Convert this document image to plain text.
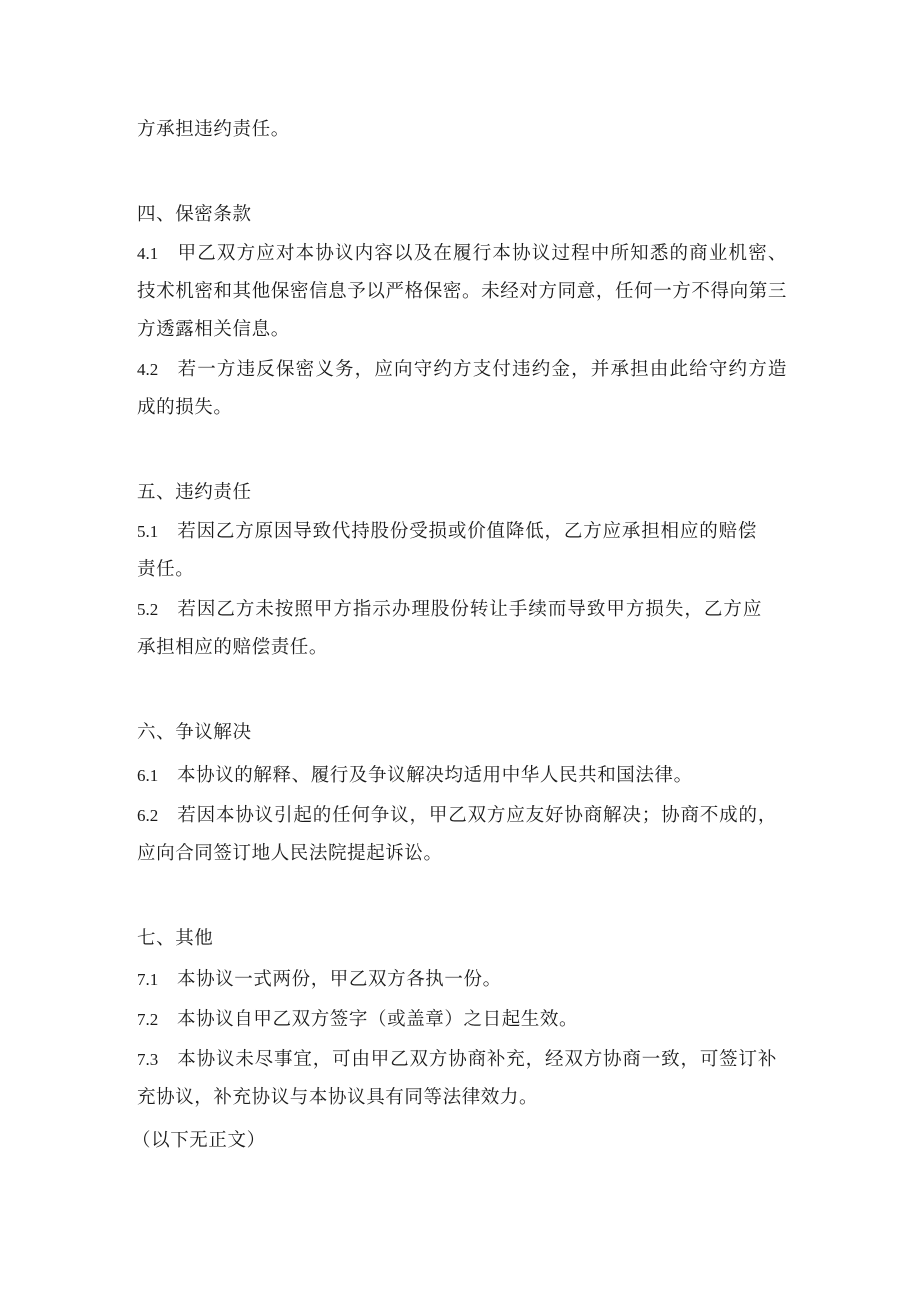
方承担违约责任。
四、保密条款
4.1 甲乙双方应对本协议内容以及在履行本协议过程中所知悉的商业机密、技术机密和其他保密信息予以严格保密。未经对方同意，任何一方不得向第三方透露相关信息。
4.2 若一方违反保密义务，应向守约方支付违约金，并承担由此给守约方造成的损失。
五、违约责任
5.1 若因乙方原因导致代持股份受损或价值降低，乙方应承担相应的赔偿责任。
5.2 若因乙方未按照甲方指示办理股份转让手续而导致甲方损失，乙方应承担相应的赔偿责任。
六、争议解决
6.1 本协议的解释、履行及争议解决均适用中华人民共和国法律。
6.2 若因本协议引起的任何争议，甲乙双方应友好协商解决；协商不成的，应向合同签订地人民法院提起诉讼。
七、其他
7.1 本协议一式两份，甲乙双方各执一份。
7.2 本协议自甲乙双方签字（或盖章）之日起生效。
7.3 本协议未尽事宜，可由甲乙双方协商补充，经双方协商一致，可签订补充协议，补充协议与本协议具有同等法律效力。
（以下无正文）
